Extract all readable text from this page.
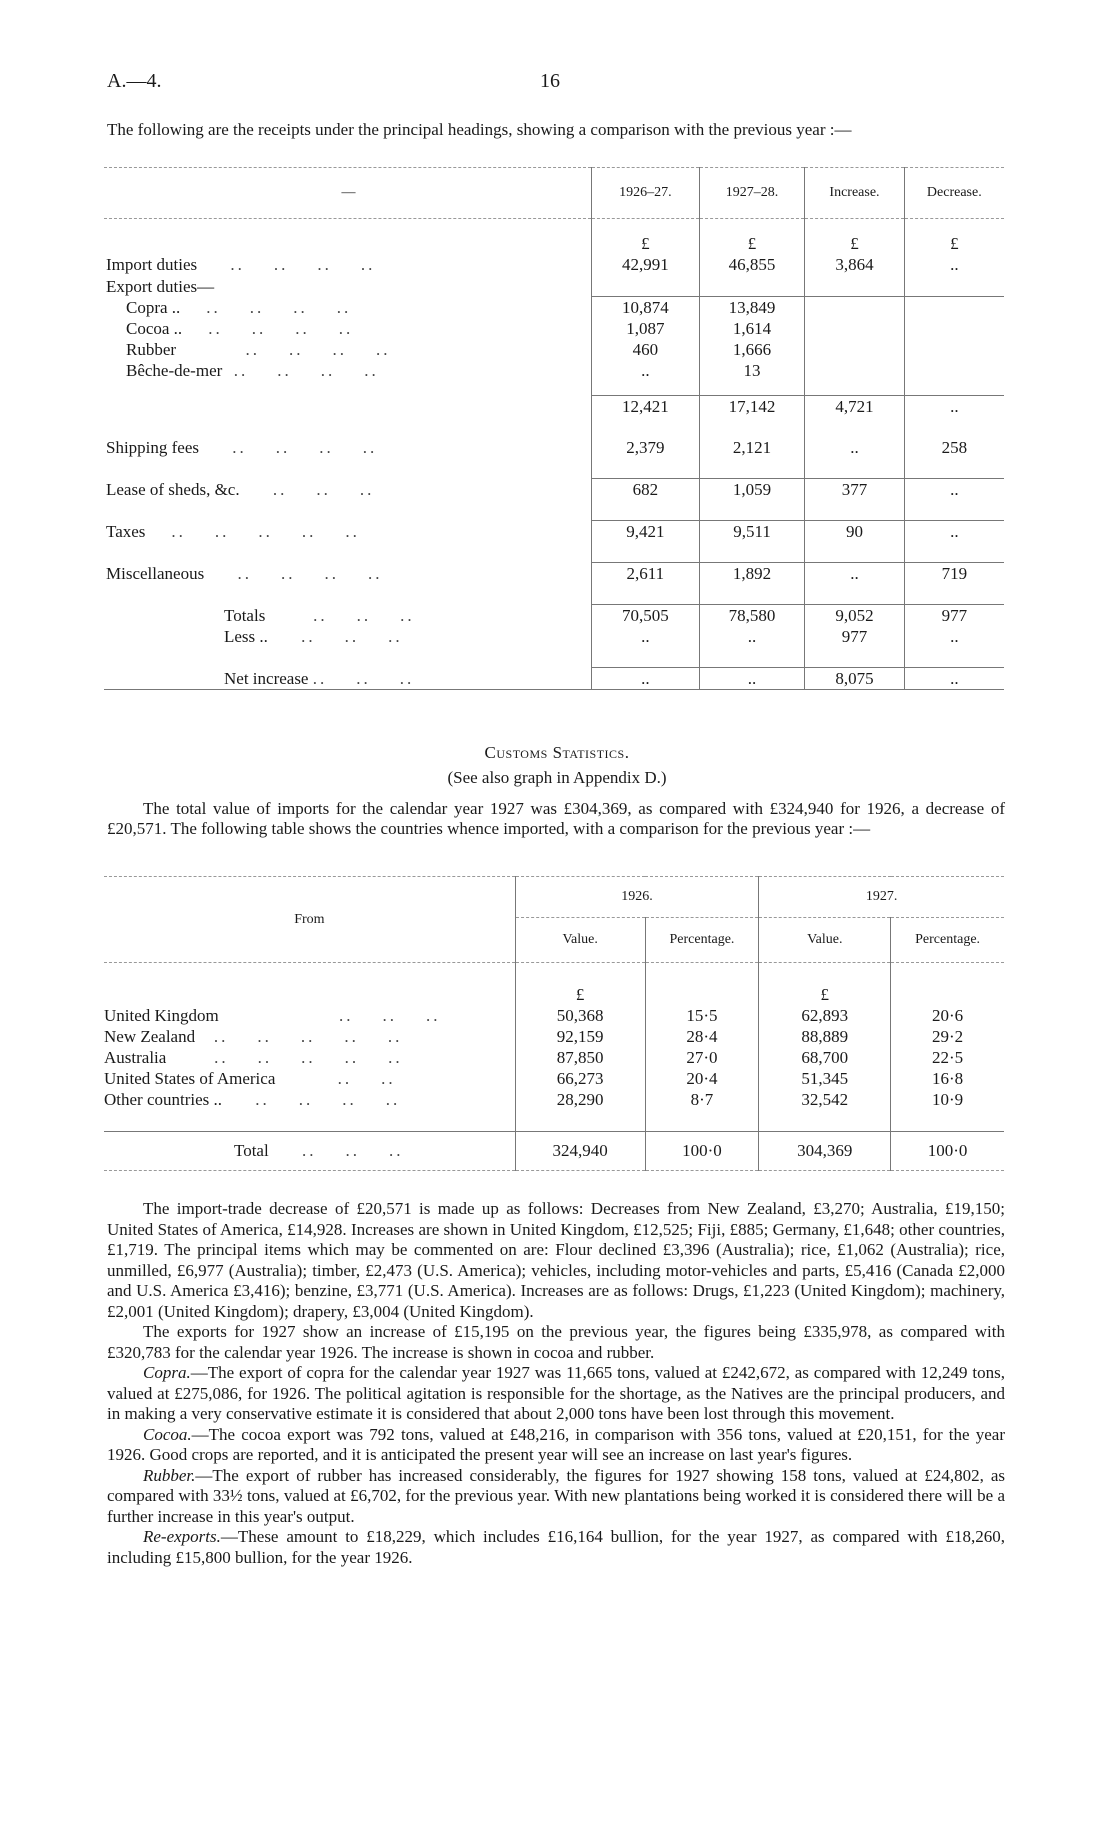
A.—4.	16
The following are the receipts under the principal headings, showing a comparison with the previous year :—
—	1926–27.	1927–28.	Increase.	Decrease.

	£	£	£	£
Import duties     ..    ..    ..    ..	42,991	46,855	3,864	..
Export duties—				
Copra ..    ..    ..    ..    ..	10,874	13,849		
Cocoa ..    ..    ..    ..    ..	1,087	1,614		
Rubber          ..    ..    ..    ..	460	1,666		
Bêche-de-mer  ..    ..    ..    ..	..	13		

	12,421	17,142	4,721	..

Shipping fees     ..    ..    ..    ..	2,379	2,121	..	258

Lease of sheds, &c.     ..    ..    ..	682	1,059	377	..

Taxes    ..    ..    ..    ..    ..	9,421	9,511	90	..

Miscellaneous     ..    ..    ..    ..	2,611	1,892	..	719

Totals       ..    ..    ..	70,505	78,580	9,052	977
Less ..     ..    ..    ..	..	..	977	..

Net increase ..    ..    ..	..	..	8,075	..
Customs Statistics.
(See also graph in Appendix D.)
The total value of imports for the calendar year 1927 was £304,369, as compared with £324,940 for 1926, a decrease of £20,571. The following table shows the countries whence imported, with a comparison for the previous year :—
From	1926.		1927.	
	Value.	Percentage.	Value.	Percentage.

	£		£	
United Kingdom                 ..    ..    ..	50,368	15·5	62,893	20·6
New Zealand   ..    ..    ..    ..    ..	92,159	28·4	88,889	29·2
Australia       ..    ..    ..    ..    ..	87,850	27·0	68,700	22·5
United States of America         ..    ..	66,273	20·4	51,345	16·8
Other countries ..     ..    ..    ..    ..	28,290	8·7	32,542	10·9

Total     ..    ..    ..	324,940	100·0	304,369	100·0

The import-trade decrease of £20,571 is made up as follows: Decreases from New Zealand, £3,270; Australia, £19,150; United States of America, £14,928. Increases are shown in United Kingdom, £12,525; Fiji, £885; Germany, £1,648; other countries, £1,719. The principal items which may be commented on are: Flour declined £3,396 (Australia); rice, £1,062 (Australia); rice, unmilled, £6,977 (Australia); timber, £2,473 (U.S. America); vehicles, including motor-vehicles and parts, £5,416 (Canada £2,000 and U.S. America £3,416); benzine, £3,771 (U.S. America). Increases are as follows: Drugs, £1,223 (United Kingdom); machinery, £2,001 (United Kingdom); drapery, £3,004 (United Kingdom).

The exports for 1927 show an increase of £15,195 on the previous year, the figures being £335,978, as compared with £320,783 for the calendar year 1926. The increase is shown in cocoa and rubber.

Copra.—The export of copra for the calendar year 1927 was 11,665 tons, valued at £242,672, as compared with 12,249 tons, valued at £275,086, for 1926. The political agitation is responsible for the shortage, as the Natives are the principal producers, and in making a very conservative estimate it is considered that about 2,000 tons have been lost through this movement.

Cocoa.—The cocoa export was 792 tons, valued at £48,216, in comparison with 356 tons, valued at £20,151, for the year 1926. Good crops are reported, and it is anticipated the present year will see an increase on last year's figures.

Rubber.—The export of rubber has increased considerably, the figures for 1927 showing 158 tons, valued at £24,802, as compared with 33½ tons, valued at £6,702, for the previous year. With new plantations being worked it is considered there will be a further increase in this year's output.

Re-exports.—These amount to £18,229, which includes £16,164 bullion, for the year 1927, as compared with £18,260, including £15,800 bullion, for the year 1926.
